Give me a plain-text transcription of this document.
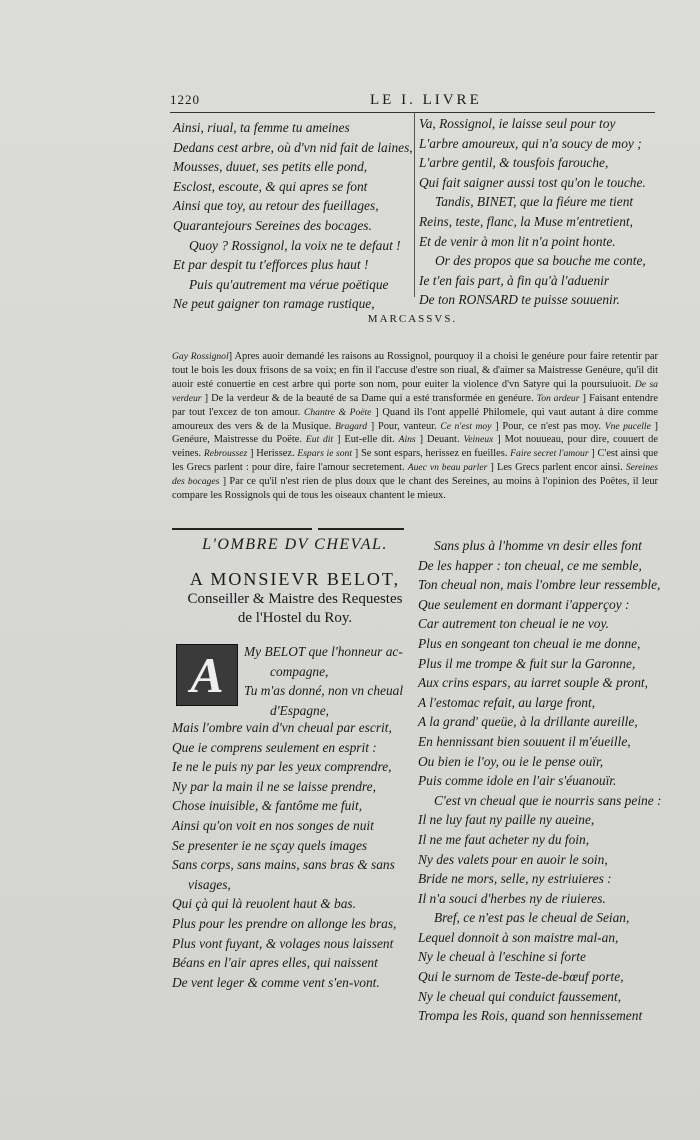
1220	LE I. LIVRE
Ainsi, riual, ta femme tu ameines
Dedans cest arbre, où d'vn nid fait de laines,
Mousses, duuet, ses petits elle pond,
Esclost, escoute, & qui apres se font
Ainsi que toy, au retour des fueillages,
Quarantejours Sereines des bocages.
Quoy ? Rossignol, la voix ne te defaut !
Et par despit tu t'efforces plus haut !
Puis qu'autrement ma vérue poëtique
Ne peut gaigner ton ramage rustique,
Va, Rossignol, ie laisse seul pour toy
L'arbre amoureux, qui n'a soucy de moy ;
L'arbre gentil, & tousfois farouche,
Qui fait saigner aussi tost qu'on le touche.
Tandis, BINET, que la fiéure me tient
Reins, teste, flanc, la Muse m'entretient,
Et de venir à mon lit n'a point honte.
Or des propos que sa bouche me conte,
Ie t'en fais part, à fin qu'à l'aduenir
De ton RONSARD te puisse souuenir.
MARCASSVS.
Gay Rossignol] Apres auoir demandé les raisons au Rossignol, pourquoy il a choisi le genéure pour faire retentir par tout le bois les doux frisons de sa voix; en fin il l'accuse d'estre son riual, & d'aimer sa Maistresse Genéure, qu'il dit auoir esté conuertie en cest arbre qui porte son nom, pour euiter la violence d'vn Satyre qui la poursuiuoit. De sa verdeur ] De la verdeur & de la beauté de sa Dame qui a esté transformée en genéure. Ton ardeur ] Faisant entendre par tout l'excez de ton amour. Chantre & Poëte ] Quand ils l'ont appellé Philomele, qui vaut autant à dire comme amoureux des vers & de la Musique. Bragard ] Pour, vanteur. Ce n'est moy ] Pour, ce n'est pas moy. Vne pucelle ] Genéure, Maistresse du Poëte. Eut dit ] Eut-elle dit. Ains ] Deuant. Veineux ] Mot nouueau, pour dire, couuert de veines. Rebroussez ] Herissez. Espars ie sont ] Se sont espars, herissez en fueilles. Faire secret l'amour ] C'est ainsi que les Grecs parlent : pour dire, faire l'amour secretement. Auec vn beau parler ] Les Grecs parlent encor ainsi. Sereines des bocages ] Par ce qu'il n'est rien de plus doux que le chant des Sereines, au moins à l'opinion des Poëtes, il leur compare les Rossignols qui de tous les oiseaux chantent le mieux.
L'OMBRE DV CHEVAL.
A MONSIEVR BELOT,
Conseiller & Maistre des Requestes
de l'Hostel du Roy.
A	My BELOT que l'honneur ac-
compagne,
Tu m'as donné, non vn cheual
d'Espagne,
Mais l'ombre vain d'vn cheual par escrit,
Que ie comprens seulement en esprit :
Ie ne le puis ny par les yeux comprendre,
Ny par la main il ne se laisse prendre,
Chose inuisible, & fantôme me fuit,
Ainsi qu'on voit en nos songes de nuit
Se presenter ie ne sçay quels images
Sans corps, sans mains, sans bras & sans
visages,
Qui çà qui là reuolent haut & bas.
Plus pour les prendre on allonge les bras,
Plus vont fuyant, & volages nous laissent
Béans en l'air apres elles, qui naissent
De vent leger & comme vent s'en-vont.
Sans plus à l'homme vn desir elles font
De les happer : ton cheual, ce me semble,
Ton cheual non, mais l'ombre leur ressemble,
Que seulement en dormant i'apperçoy :
Car autrement ton cheual ie ne voy.
Plus en songeant ton cheual ie me donne,
Plus il me trompe & fuit sur la Garonne,
Aux crins espars, au iarret souple & pront,
A l'estomac refait, au large front,
A la grand' queüe, à la drillante aureille,
En hennissant bien souuent il m'éueille,
Ou bien ie l'oy, ou ie le pense ouïr,
Puis comme idole en l'air s'éuanouïr.
C'est vn cheual que ie nourris sans peine :
Il ne luy faut ny paille ny aueine,
Il ne me faut acheter ny du foin,
Ny des valets pour en auoir le soin,
Bride ne mors, selle, ny estriuieres :
Il n'a souci d'herbes ny de riuieres.
Bref, ce n'est pas le cheual de Seian,
Lequel donnoit à son maistre mal-an,
Ny le cheual à l'eschine si forte
Qui le surnom de Teste-de-bœuf porte,
Ny le cheual qui conduict faussement,
Trompa les Rois, quand son hennissement
